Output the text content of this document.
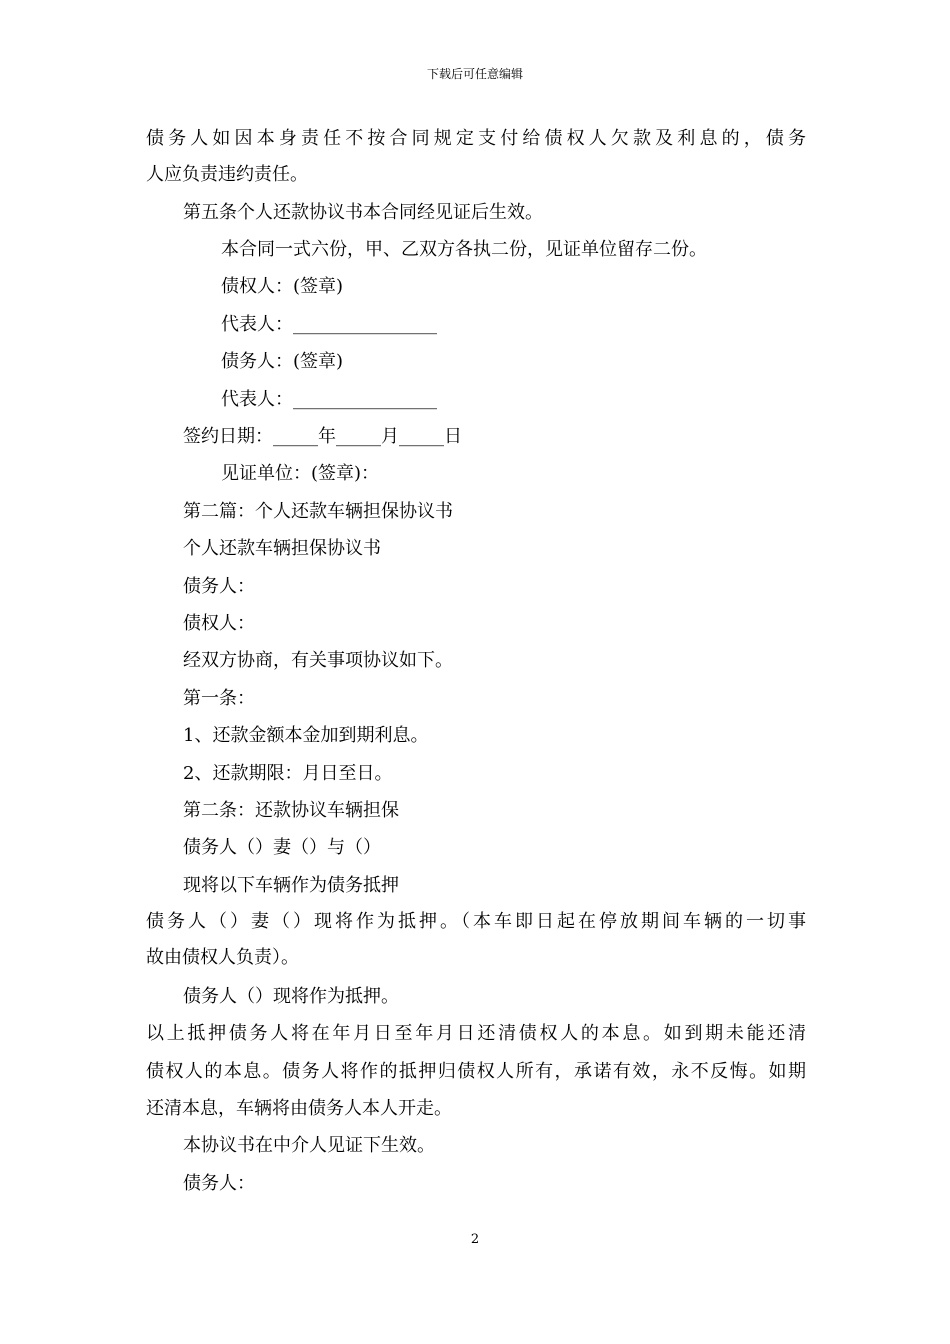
下载后可任意编辑
债务人如因本身责任不按合同规定支付给债权人欠款及利息的，债务
人应负责违约责任。
第五条个人还款协议书本合同经见证后生效。
本合同一式六份，甲、乙双方各执二份，见证单位留存二份。
债权人：(签章)
代表人：________________
债务人：(签章)
代表人：________________
签约日期：_____年_____月_____日
见证单位：(签章)：
第二篇：个人还款车辆担保协议书
个人还款车辆担保协议书
债务人：
债权人：
经双方协商，有关事项协议如下。
第一条：
1、还款金额本金加到期利息。
2、还款期限：月日至日。
第二条：还款协议车辆担保
债务人（）妻（）与（）
现将以下车辆作为债务抵押
债务人（）妻（）现将作为抵押。（本车即日起在停放期间车辆的一切事
故由债权人负责）。
债务人（）现将作为抵押。
以上抵押债务人将在年月日至年月日还清债权人的本息。如到期未能还清
债权人的本息。债务人将作的抵押归债权人所有，承诺有效，永不反悔。如期
还清本息，车辆将由债务人本人开走。
本协议书在中介人见证下生效。
债务人：
2
